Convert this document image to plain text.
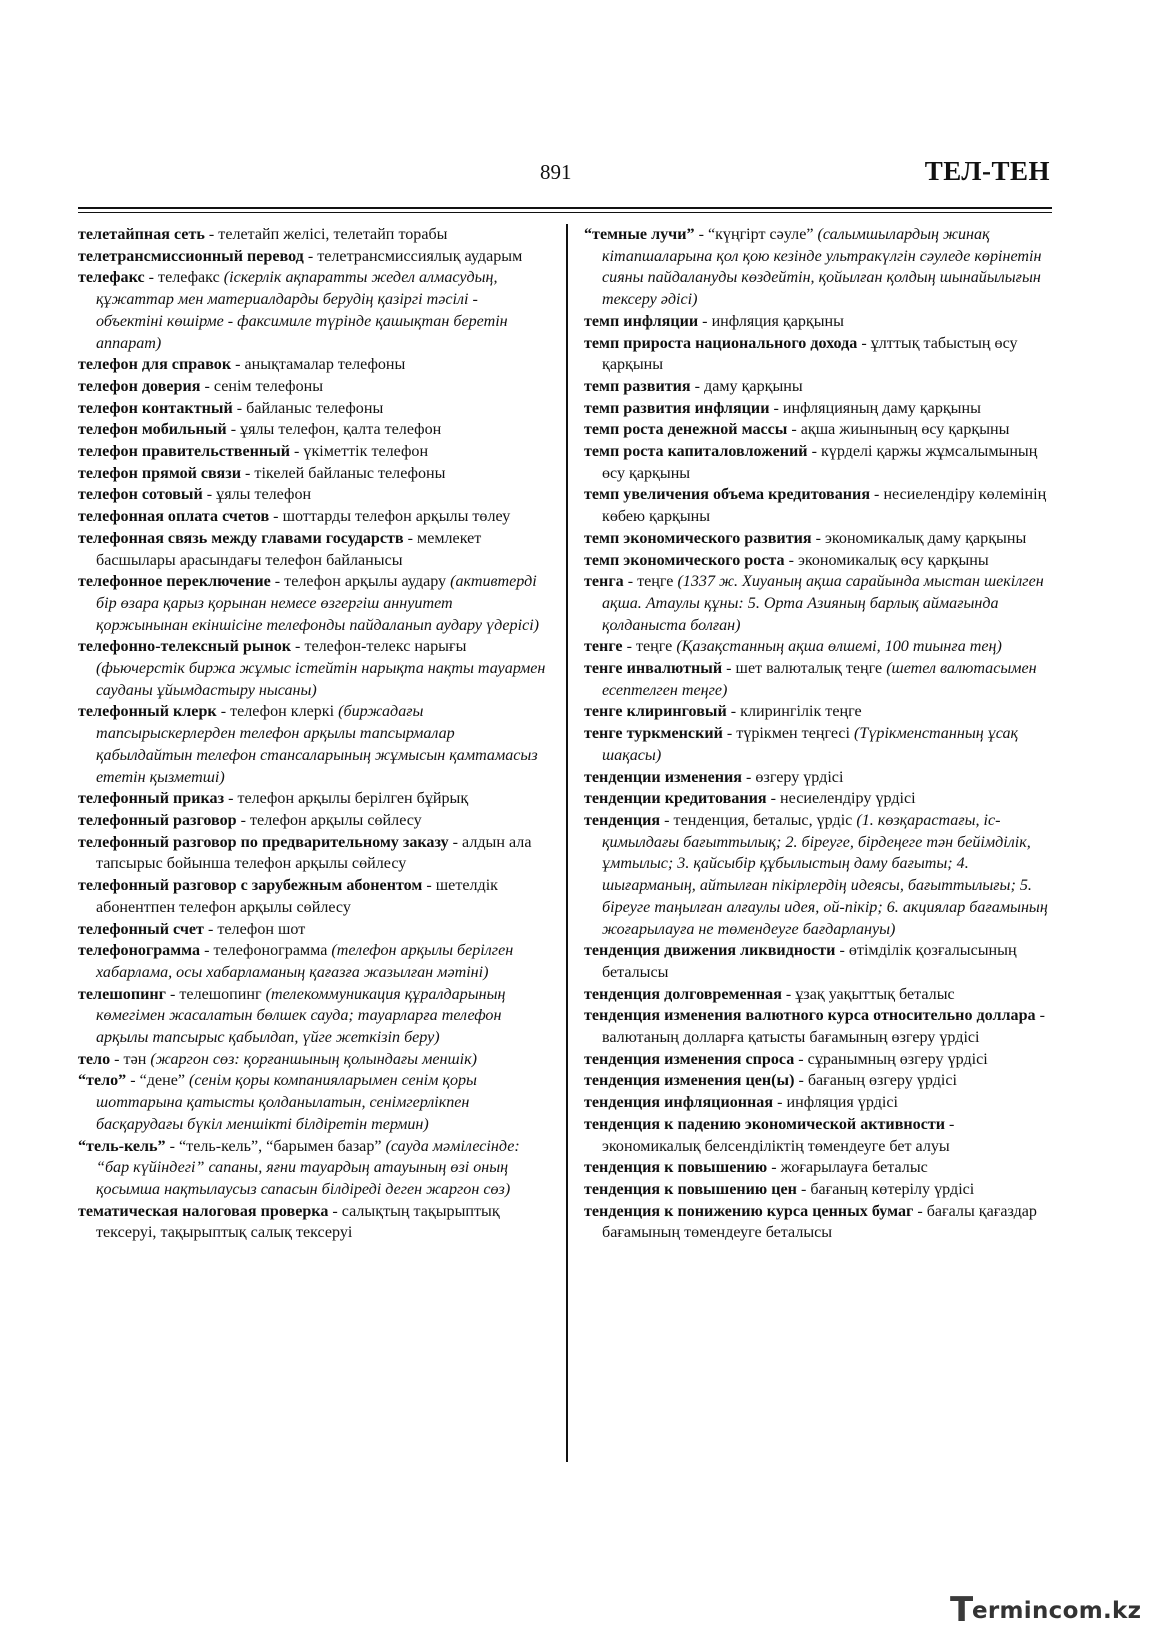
891	ТЕЛ-ТЕН
телетайпная сеть - телетайп желісі, телетайп торабы
телетрансмиссионный перевод - телетрансмиссиялық аударым
телефакс - телефакс (іскерлік ақпаратты жедел алмасудың, құжаттар мен материалдарды берудің қазіргі тәсілі - объектіні көшірме - факсимиле түрінде қашықтан беретін аппарат)
телефон для справок - анықтамалар телефоны
телефон доверия - сенім телефоны
телефон контактный - байланыс телефоны
телефон мобильный - ұялы телефон, қалта телефон
телефон правительственный - үкіметтік телефон
телефон прямой связи - тікелей байланыс телефоны
телефон сотовый - ұялы телефон
телефонная оплата счетов - шоттарды телефон арқылы төлеу
телефонная связь между главами государств - мемлекет басшылары арасындағы телефон байланысы
телефонное переключение - телефон арқылы аудару (активтерді бір өзара қарыз қорынан немесе өзгергіш аннуитет қоржынынан екіншісіне телефонды пайдаланып аудару үдерісі)
телефонно-телексный рынок - телефон-телекс нарығы (фьючерстік биржа жұмыс істейтін нарықта нақты тауармен сауданы ұйымдастыру нысаны)
телефонный клерк - телефон клеркі (биржадағы тапсырыскерлерден телефон арқылы тапсырмалар қабылдайтын телефон стансаларының жұмысын қамтамасыз ететін қызметші)
телефонный приказ - телефон арқылы берілген бұйрық
телефонный разговор - телефон арқылы сөйлесу
телефонный разговор по предварительному заказу - алдын ала тапсырыс бойынша телефон арқылы сөйлесу
телефонный разговор с зарубежным абонентом - шетелдік абонентпен телефон арқылы сөйлесу
телефонный счет - телефон шот
телефонограмма - телефонограмма (телефон арқылы берілген хабарлама, осы хабарламаның қағазға жазылған мәтіні)
телешопинг - телешопинг (телекоммуникация құралдарының көмегімен жасалатын бөлшек сауда; тауарларға телефон арқылы тапсырыс қабылдап, үйге жеткізіп беру)
тело - тән (жаргон сөз: қорғаншының қолындағы меншік)
“тело” - “дене” (сенім қоры компанияларымен сенім қоры шоттарына қатысты қолданылатын, сенімгерлікпен басқарудағы бүкіл меншікті білдіретін термин)
“тель-кель” - “тель-кель”, “барымен базар” (сауда мәмілесінде: “бар күйіндегі” сапаны, яғни тауардың атауының өзі оның қосымша нақтылаусыз сапасын білдіреді деген жаргон сөз)
тематическая налоговая проверка - салықтың тақырыптық тексеруі, тақырыптық салық тексеруі
“темные лучи” - “күңгірт сәуле” (салымшылардың жинақ кітапшаларына қол қою кезінде ультракүлгін сәуледе көрінетін сияны пайдалануды көздейтін, қойылған қолдың шынайылығын тексеру әдісі)
темп инфляции - инфляция қарқыны
темп прироста национального дохода - ұлттық табыстың өсу қарқыны
темп развития - даму қарқыны
темп развития инфляции - инфляцияның даму қарқыны
темп роста денежной массы - ақша жиынының өсу қарқыны
темп роста капиталовложений - күрделі қаржы жұмсалымының өсу қарқыны
темп увеличения объема кредитования - несиелендіру көлемінің көбею қарқыны
темп экономического развития - экономикалық даму қарқыны
темп экономического роста - экономикалық өсу қарқыны
тенга - теңге (1337 ж. Хиуаның ақша сарайында мыстан шекілген ақша. Атаулы құны: 5. Орта Азияның барлық аймағында қолданыста болған)
тенге - теңге (Қазақстанның ақша өлшемі, 100 тиынға тең)
тенге инвалютный - шет валюталық теңге (шетел валютасымен есептелген теңге)
тенге клиринговый - клирингілік теңге
тенге туркменский - түрікмен теңгесі (Түрікменстанның ұсақ шақасы)
тенденции изменения - өзгеру үрдісі
тенденции кредитования - несиелендіру үрдісі
тенденция - тенденция, беталыс, үрдіс (1. көзқарастағы, іс-қимылдағы бағыттылық; 2. біреуге, бірдеңеге тән бейімділік, ұмтылыс; 3. қайсыбір құбылыстың даму бағыты; 4. шығарманың, айтылған пікірлердің идеясы, бағыттылығы; 5. біреуге таңылған алғаулы идея, ой-пікір; 6. акциялар бағамының жоғарылауға не төмендеуге бағдарлануы)
тенденция движения ликвидности - өтімділік қозғалысының беталысы
тенденция долговременная - ұзақ уақыттық беталыс
тенденция изменения валютного курса относительно доллара - валютаның долларға қатысты бағамының өзгеру үрдісі
тенденция изменения спроса - сұранымның өзгеру үрдісі
тенденция изменения цен(ы) - бағаның өзгеру үрдісі
тенденция инфляционная - инфляция үрдісі
тенденция к падению экономической активности - экономикалық белсенділіктің төмендеуге бет алуы
тенденция к повышению - жоғарылауға беталыс
тенденция к повышению цен - бағаның көтерілу үрдісі
тенденция к понижению курса ценных бумаг - бағалы қағаздар бағамының төмендеуге беталысы
T
ermincom.kz
